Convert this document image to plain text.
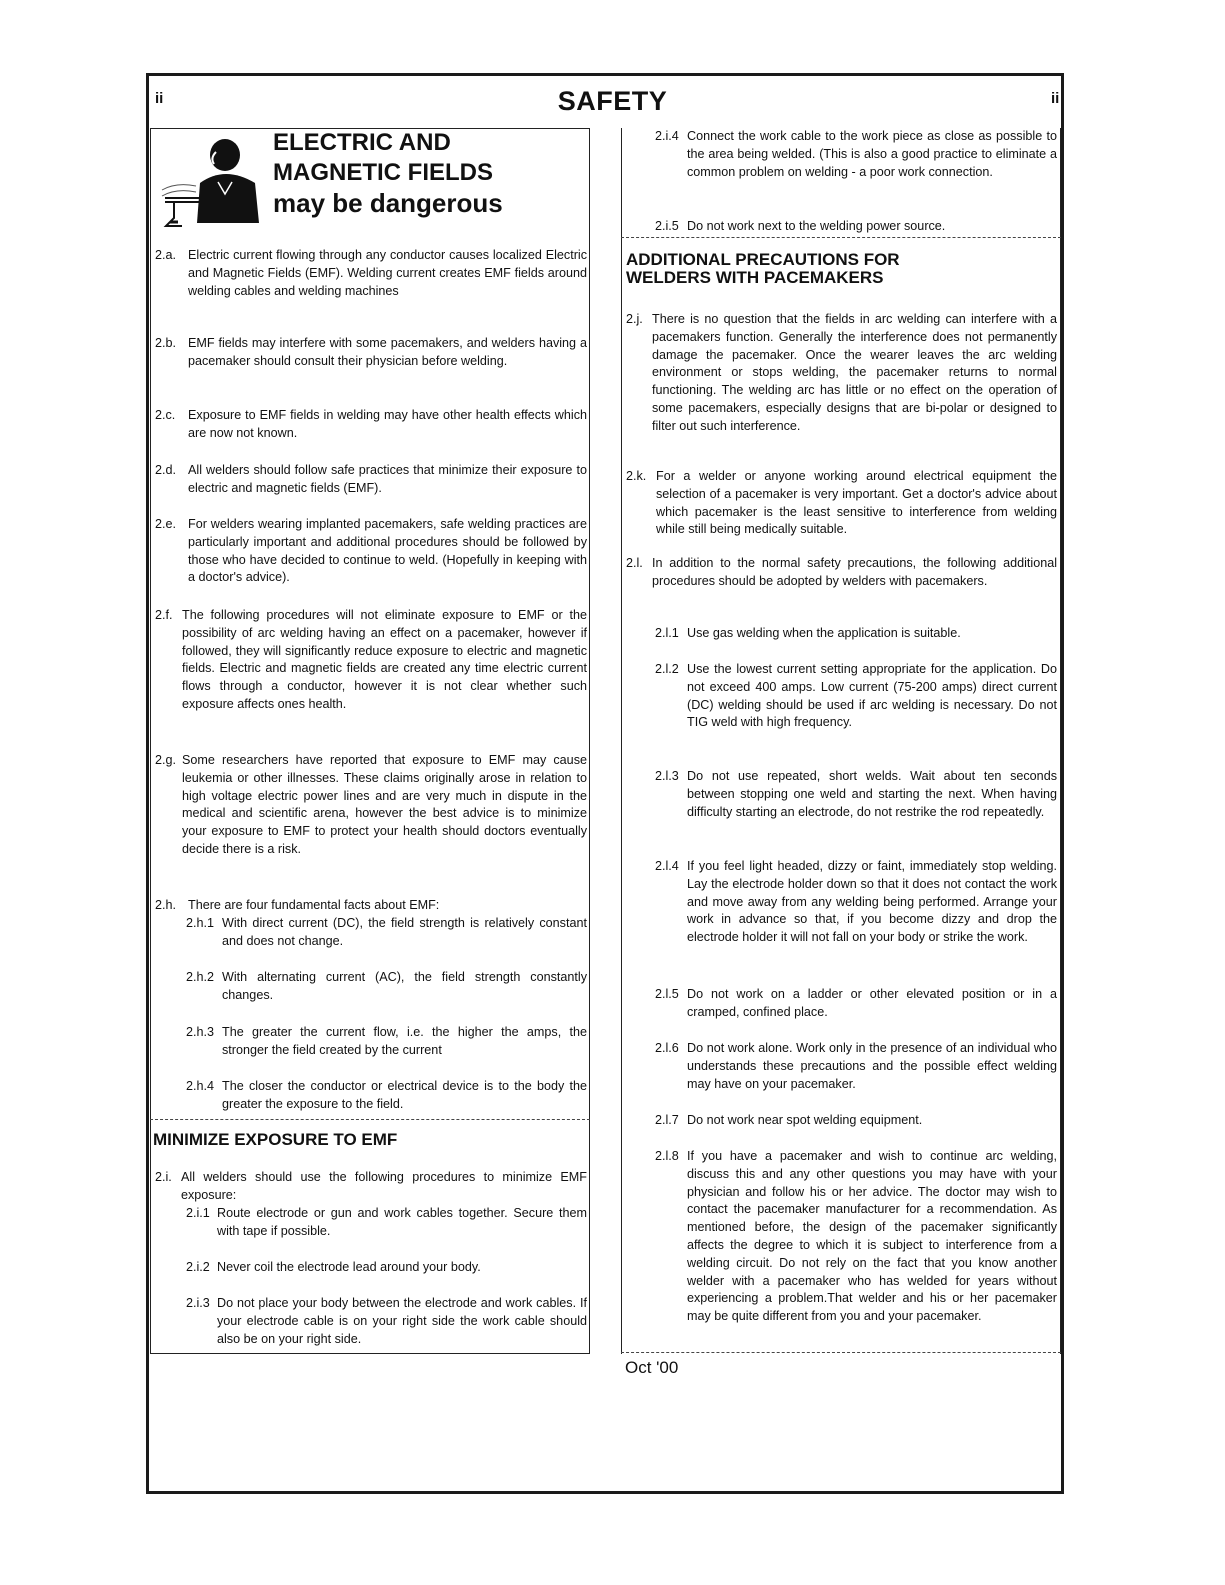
ii	ii
SAFETY
ELECTRIC AND
MAGNETIC FIELDS
may be dangerous
2.a. Electric current flowing through any conductor causes localized Electric and Magnetic Fields (EMF). Welding current creates EMF fields around welding cables and welding machines

2.b. EMF fields may interfere with some pacemakers, and welders having a pacemaker should consult their physician before welding.

2.c. Exposure to EMF fields in welding may have other health effects which are now not known.

2.d. All welders should follow safe practices that minimize their exposure to electric and magnetic fields (EMF).

2.e. For welders wearing implanted pacemakers, safe welding practices are particularly important and additional procedures should be followed by those who have decided to continue to weld. (Hopefully in keeping with a doctor's advice).

2.f. The following procedures will not eliminate exposure to EMF or the possibility of arc welding having an effect on a pacemaker, however if followed, they will significantly reduce exposure to electric and magnetic fields. Electric and magnetic fields are created any time electric current flows through a conductor, however it is not clear whether such exposure affects ones health.

2.g. Some researchers have reported that exposure to EMF may cause leukemia or other illnesses. These claims originally arose in relation to high voltage electric power lines and are very much in dispute in the medical and scientific arena, however the best advice is to minimize your exposure to EMF to protect your health should doctors eventually decide there is a risk.

2.h. There are four fundamental facts about EMF:

2.h.1 With direct current (DC), the field strength is relatively constant and does not change.

2.h.2 With alternating current (AC), the field strength constantly changes.

2.h.3 The greater the current flow, i.e. the higher the amps, the stronger the field created by the current

2.h.4 The closer the conductor or electrical device is to the body the greater the exposure to the field.

MINIMIZE EXPOSURE TO EMF
2.i. All welders should use the following procedures to minimize EMF exposure:

2.i.1 Route electrode or gun and work cables together. Secure them with tape if possible.

2.i.2 Never coil the electrode lead around your body.

2.i.3 Do not place your body between the electrode and work cables. If your electrode cable is on your right side the work cable should also be on your right side.

2.i.4 Connect the work cable to the work piece as close as possible to the area being welded. (This is also a good practice to eliminate a common problem on welding - a poor work connection.

2.i.5 Do not work next to the welding power source.

ADDITIONAL PRECAUTIONS FOR
WELDERS WITH PACEMAKERS
2.j. There is no question that the fields in arc welding can interfere with a pacemakers function. Generally the interference does not permanently damage the pacemaker. Once the wearer leaves the arc welding environment or stops welding, the pacemaker returns to normal functioning. The welding arc has little or no effect on the operation of some pacemakers, especially designs that are bi-polar or designed to filter out such interference.

2.k. For a welder or anyone working around electrical equipment the selection of a pacemaker is very important. Get a doctor's advice about which pacemaker is the least sensitive to interference from welding while still being medically suitable.

2.l. In addition to the normal safety precautions, the following additional procedures should be adopted by welders with pacemakers.

2.l.1 Use gas welding when the application is suitable.

2.l.2 Use the lowest current setting appropriate for the application. Do not exceed 400 amps. Low current (75-200 amps) direct current (DC) welding should be used if arc welding is necessary. Do not TIG weld with high frequency.

2.l.3 Do not use repeated, short welds. Wait about ten seconds between stopping one weld and starting the next. When having difficulty starting an electrode, do not restrike the rod repeatedly.

2.l.4 If you feel light headed, dizzy or faint, immediately stop welding. Lay the electrode holder down so that it does not contact the work and move away from any welding being performed. Arrange your work in advance so that, if you become dizzy and drop the electrode holder it will not fall on your body or strike the work.

2.l.5 Do not work on a ladder or other elevated position or in a cramped, confined place.

2.l.6 Do not work alone. Work only in the presence of an individual who understands these precautions and the possible effect welding may have on your pacemaker.

2.l.7 Do not work near spot welding equipment.

2.l.8 If you have a pacemaker and wish to continue arc welding, discuss this and any other questions you may have with your physician and follow his or her advice. The doctor may wish to contact the pacemaker manufacturer for a recommendation. As mentioned before, the design of the pacemaker significantly affects the degree to which it is subject to interference from a welding circuit. Do not rely on the fact that you know another welder with a pacemaker who has welded for years without experiencing a problem.That welder and his or her pacemaker may be quite different from you and your pacemaker.

Oct '00
